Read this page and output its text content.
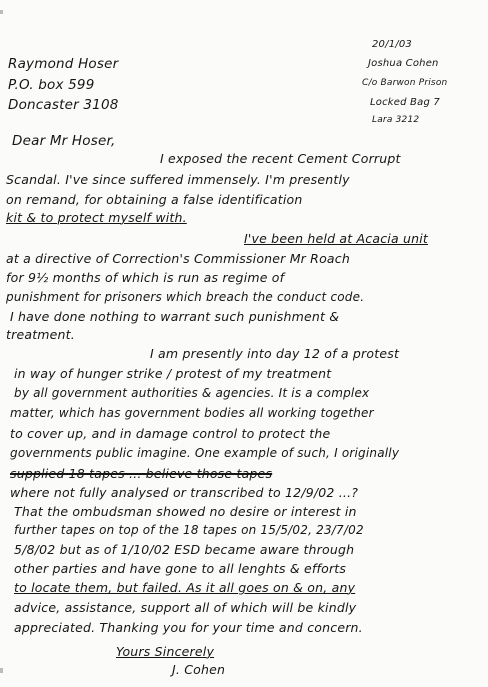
20/1/03
Joshua Cohen
C/o Barwon Prison
Locked Bag 7
Lara 3212
Raymond Hoser
P.O. box 599
Doncaster 3108
Dear Mr Hoser,
I exposed the recent Cement Corrupt
Scandal. I've since suffered immensely. I'm presently
on remand, for obtaining a false identification
kit & to protect myself with.
I've been held at Acacia unit
at a directive of Correction's Commissioner Mr Roach
for 9½ months of which is run as regime of
punishment for prisoners which breach the conduct code.
I have done nothing to warrant such punishment &
treatment.
I am presently into day 12 of a protest
in way of hunger strike / protest of my treatment
by all government authorities & agencies. It is a complex
matter, which has government bodies all working together
to cover up, and in damage control to protect the
governments public imagine. One example of such, I originally
supplied 18 tapes ... believe those tapes
where not fully analysed or transcribed to 12/9/02 ...?
That the ombudsman showed no desire or interest in
further tapes on top of the 18 tapes on 15/5/02, 23/7/02
5/8/02 but as of 1/10/02 ESD became aware through
other parties and have gone to all lenghts & efforts
to locate them, but failed. As it all goes on & on, any
advice, assistance, support all of which will be kindly
appreciated. Thanking you for your time and concern.
Yours Sincerely
J. Cohen
